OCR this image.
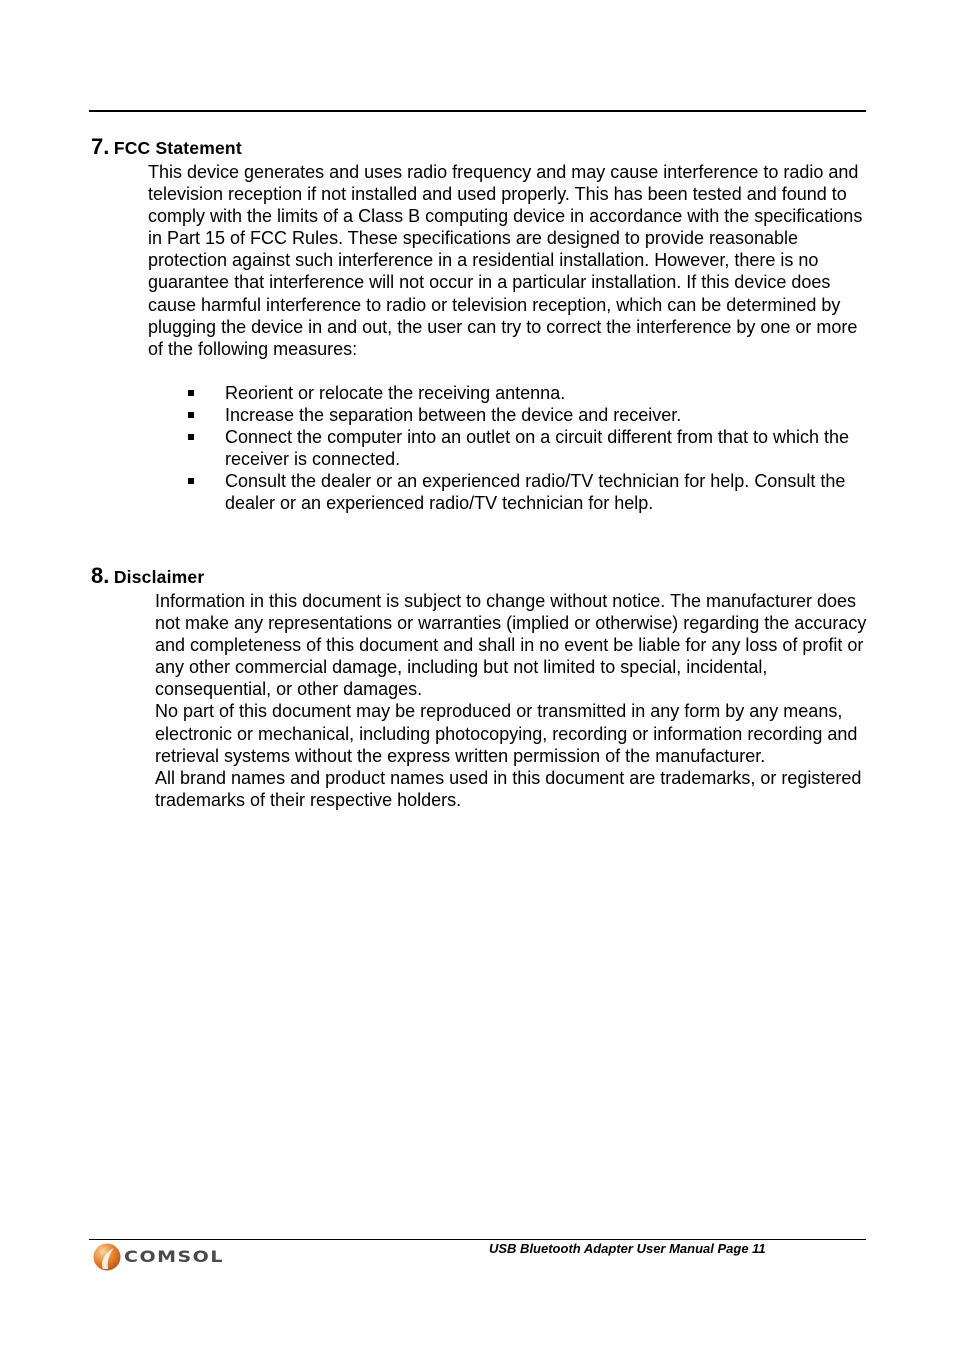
7. FCC Statement

This device generates and uses radio frequency and may cause interference to radio and television reception if not installed and used properly. This has been tested and found to comply with the limits of a Class B computing device in accordance with the specifications in Part 15 of FCC Rules. These specifications are designed to provide reasonable protection against such interference in a residential installation. However, there is no guarantee that interference will not occur in a particular installation. If this device does cause harmful interference to radio or television reception, which can be determined by plugging the device in and out, the user can try to correct the interference by one or more of the following measures:

Reorient or relocate the receiving antenna.
Increase the separation between the device and receiver.
Connect the computer into an outlet on a circuit different from that to which the receiver is connected.
Consult the dealer or an experienced radio/TV technician for help. Consult the dealer or an experienced radio/TV technician for help.
8. Disclaimer

Information in this document is subject to change without notice. The manufacturer does not make any representations or warranties (implied or otherwise) regarding the accuracy and completeness of this document and shall in no event be liable for any loss of profit or any other commercial damage, including but not limited to special, incidental, consequential, or other damages.

No part of this document may be reproduced or transmitted in any form by any means, electronic or mechanical, including photocopying, recording or information recording and retrieval systems without the express written permission of the manufacturer.

All brand names and product names used in this document are trademarks, or registered trademarks of their respective holders.

COMSOL	USB Bluetooth Adapter User Manual Page 11
